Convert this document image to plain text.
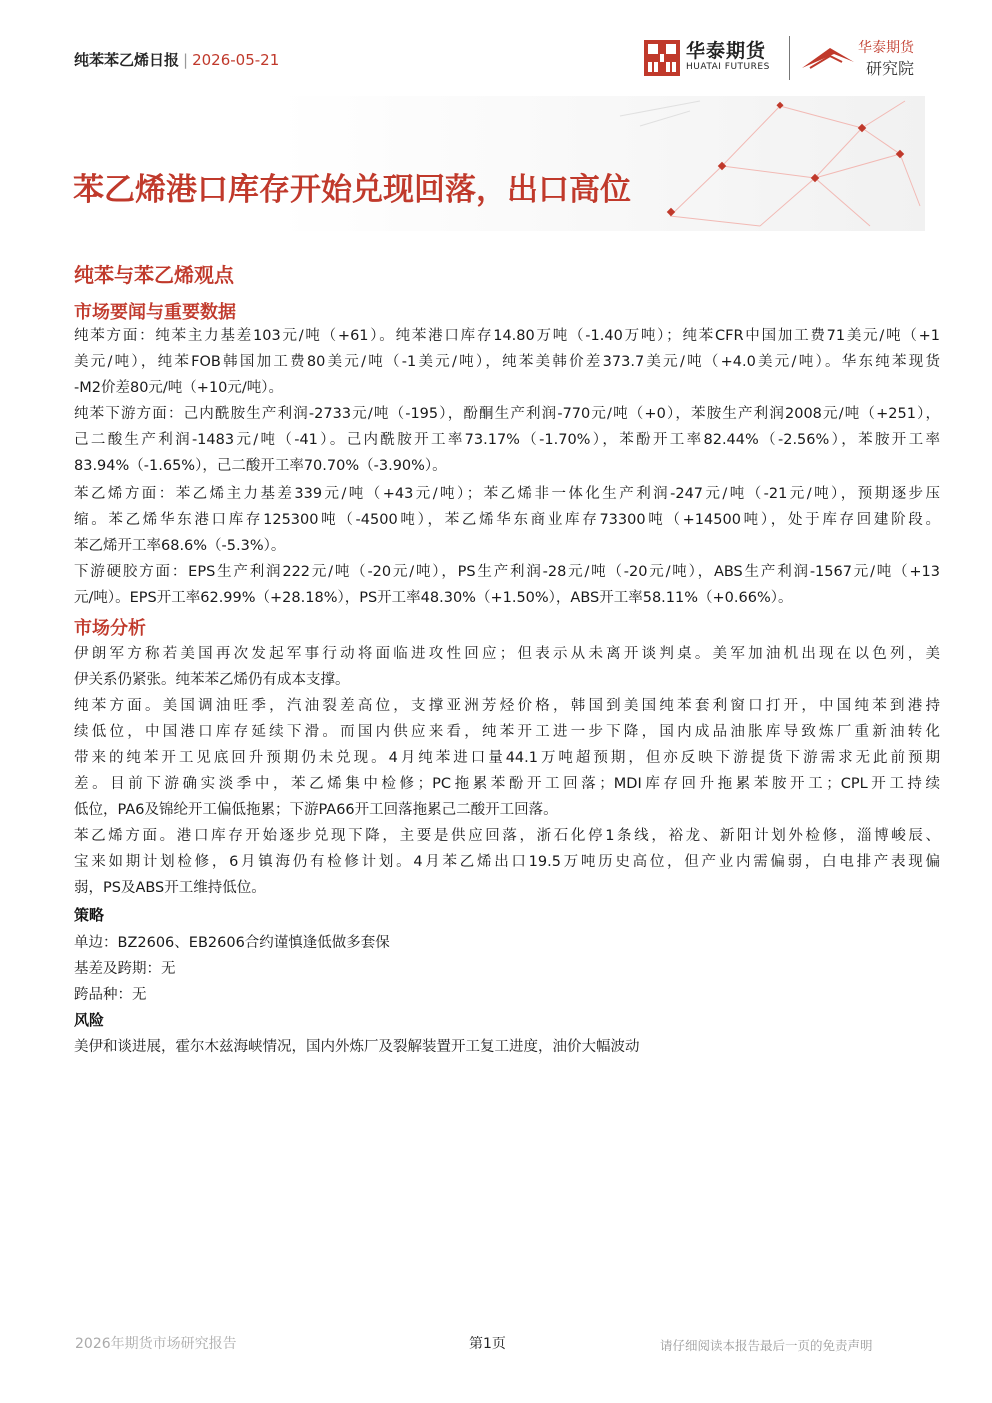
纯苯苯乙烯日报 | 2026-05-21	华泰期货
HUATAI FUTURES
华泰期货
研究院
苯乙烯港口库存开始兑现回落，出口高位
纯苯与苯乙烯观点
市场要闻与重要数据
纯苯方面：纯苯主力基差103元/吨（+61）。纯苯港口库存14.80万吨（-1.40万吨）；纯苯CFR中国加工费71美元/吨（+1
美元/吨），纯苯FOB韩国加工费80美元/吨（-1美元/吨），纯苯美韩价差373.7美元/吨（+4.0美元/吨）。华东纯苯现货
-M2价差80元/吨（+10元/吨）。
纯苯下游方面：己内酰胺生产利润-2733元/吨（-195），酚酮生产利润-770元/吨（+0），苯胺生产利润2008元/吨（+251），
己二酸生产利润-1483元/吨（-41）。己内酰胺开工率73.17%（-1.70%），苯酚开工率82.44%（-2.56%），苯胺开工率
83.94%（-1.65%），己二酸开工率70.70%（-3.90%）。
苯乙烯方面：苯乙烯主力基差339元/吨（+43元/吨）；苯乙烯非一体化生产利润-247元/吨（-21元/吨），预期逐步压
缩。苯乙烯华东港口库存125300吨（-4500吨），苯乙烯华东商业库存73300吨（+14500吨），处于库存回建阶段。
苯乙烯开工率68.6%（-5.3%）。
下游硬胶方面：EPS生产利润222元/吨（-20元/吨），PS生产利润-28元/吨（-20元/吨），ABS生产利润-1567元/吨（+13
元/吨）。EPS开工率62.99%（+28.18%），PS开工率48.30%（+1.50%），ABS开工率58.11%（+0.66%）。
市场分析
伊朗军方称若美国再次发起军事行动将面临进攻性回应；但表示从未离开谈判桌。美军加油机出现在以色列，美
伊关系仍紧张。纯苯苯乙烯仍有成本支撑。
纯苯方面。美国调油旺季，汽油裂差高位，支撑亚洲芳烃价格，韩国到美国纯苯套利窗口打开，中国纯苯到港持
续低位，中国港口库存延续下滑。而国内供应来看，纯苯开工进一步下降，国内成品油胀库导致炼厂重新油转化
带来的纯苯开工见底回升预期仍未兑现。4月纯苯进口量44.1万吨超预期，但亦反映下游提货下游需求无此前预期
差。目前下游确实淡季中，苯乙烯集中检修；PC拖累苯酚开工回落；MDI库存回升拖累苯胺开工；CPL开工持续
低位，PA6及锦纶开工偏低拖累；下游PA66开工回落拖累己二酸开工回落。
苯乙烯方面。港口库存开始逐步兑现下降，主要是供应回落，浙石化停1条线，裕龙、新阳计划外检修，淄博峻辰、
宝来如期计划检修，6月镇海仍有检修计划。4月苯乙烯出口19.5万吨历史高位，但产业内需偏弱，白电排产表现偏
弱，PS及ABS开工维持低位。
策略
单边：BZ2606、EB2606合约谨慎逢低做多套保
基差及跨期：无
跨品种：无
风险
美伊和谈进展，霍尔木兹海峡情况，国内外炼厂及裂解装置开工复工进度，油价大幅波动
2026年期货市场研究报告	第1页	请仔细阅读本报告最后一页的免责声明
